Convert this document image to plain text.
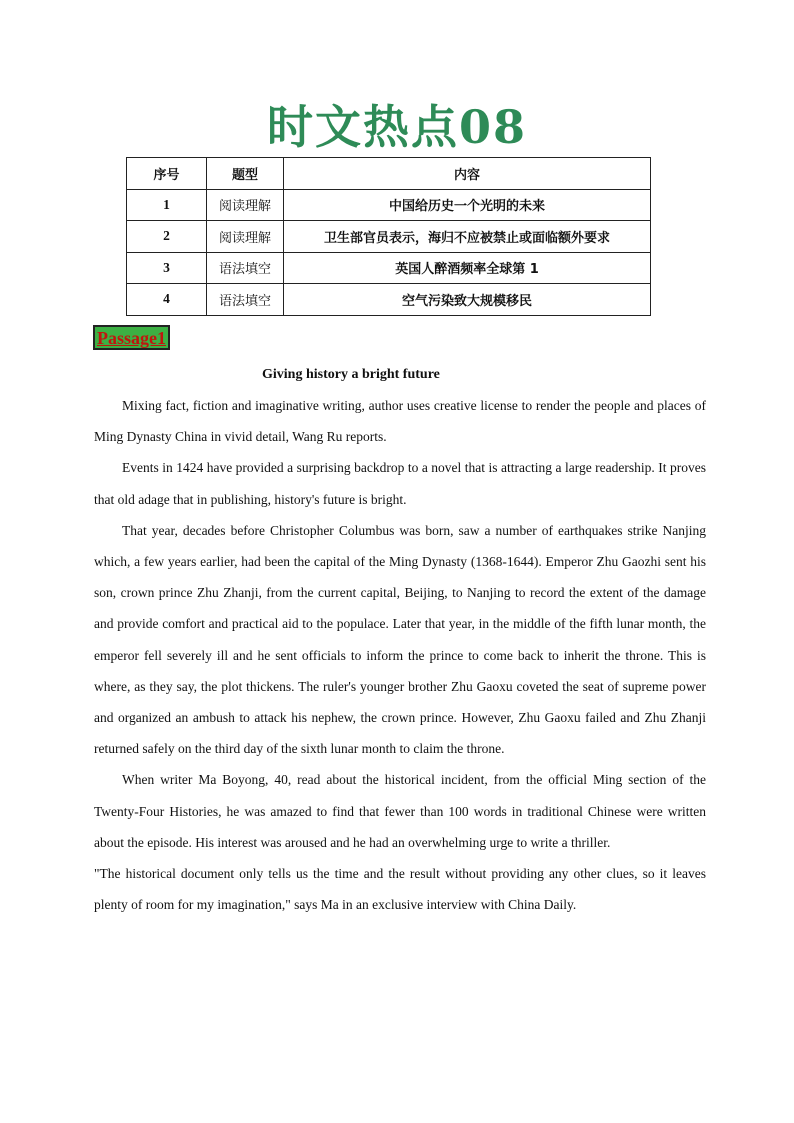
时文热点08
序号	题型	内容
1	阅读理解	中国给历史一个光明的未来
2	阅读理解	卫生部官员表示，海归不应被禁止或面临额外要求
3	语法填空	英国人醉酒频率全球第 1
4	语法填空	空气污染致大规模移民
Passage1
Giving history a bright future

Mixing fact, fiction and imaginative writing, author uses creative license to render the people and places of Ming Dynasty China in vivid detail, Wang Ru reports.

Events in 1424 have provided a surprising backdrop to a novel that is attracting a large readership. It proves that old adage that in publishing, history's future is bright.

That year, decades before Christopher Columbus was born, saw a number of earthquakes strike Nanjing which, a few years earlier, had been the capital of the Ming Dynasty (1368-1644). Emperor Zhu Gaozhi sent his son, crown prince Zhu Zhanji, from the current capital, Beijing, to Nanjing to record the extent of the damage and provide comfort and practical aid to the populace. Later that year, in the middle of the fifth lunar month, the emperor fell severely ill and he sent officials to inform the prince to come back to inherit the throne. This is where, as they say, the plot thickens. The ruler's younger brother Zhu Gaoxu coveted the seat of supreme power and organized an ambush to attack his nephew, the crown prince. However, Zhu Gaoxu failed and Zhu Zhanji returned safely on the third day of the sixth lunar month to claim the throne.

When writer Ma Boyong, 40, read about the historical incident, from the official Ming section of the Twenty-Four Histories, he was amazed to find that fewer than 100 words in traditional Chinese were written about the episode. His interest was aroused and he had an overwhelming urge to write a thriller.

"The historical document only tells us the time and the result without providing any other clues, so it leaves plenty of room for my imagination," says Ma in an exclusive interview with China Daily.
